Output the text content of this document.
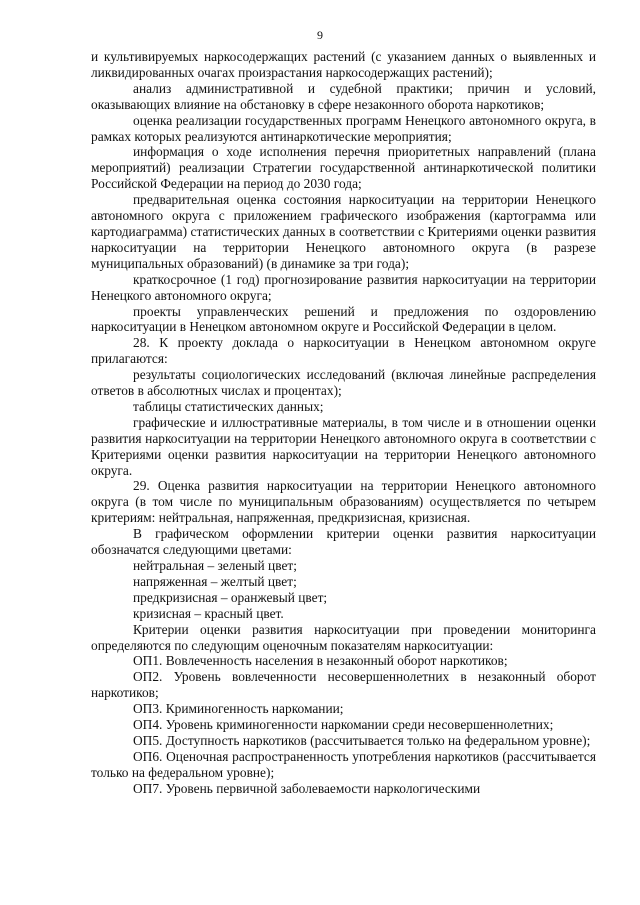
9

и культивируемых наркосодержащих растений (с указанием данных о выявленных и ликвидированных очагах произрастания наркосодержащих растений);

анализ административной и судебной практики; причин и условий, оказывающих влияние на обстановку в сфере незаконного оборота наркотиков;

оценка реализации государственных программ Ненецкого автономного округа, в рамках которых реализуются антинаркотические мероприятия;

информация о ходе исполнения перечня приоритетных направлений (плана мероприятий) реализации Стратегии государственной антинаркотической политики Российской Федерации на период до 2030 года;

предварительная оценка состояния наркоситуации на территории Ненецкого автономного округа с приложением графического изображения (картограмма или картодиаграмма) статистических данных в соответствии с Критериями оценки развития наркоситуации на территории Ненецкого автономного округа (в разрезе муниципальных образований) (в динамике за три года);

краткосрочное (1 год) прогнозирование развития наркоситуации на территории Ненецкого автономного округа;

проекты управленческих решений и предложения по оздоровлению наркоситуации в Ненецком автономном округе и Российской Федерации в целом.

28. К проекту доклада о наркоситуации в Ненецком автономном округе прилагаются:

результаты социологических исследований (включая линейные распределения ответов в абсолютных числах и процентах);

таблицы статистических данных;

графические и иллюстративные материалы, в том числе и в отношении оценки развития наркоситуации на территории Ненецкого автономного округа в соответствии с Критериями оценки развития наркоситуации на территории Ненецкого автономного округа.

29. Оценка развития наркоситуации на территории Ненецкого автономного округа (в том числе по муниципальным образованиям) осуществляется по четырем критериям: нейтральная, напряженная, предкризисная, кризисная.

В графическом оформлении критерии оценки развития наркоситуации обозначатся следующими цветами:

нейтральная – зеленый цвет;

напряженная – желтый цвет;

предкризисная – оранжевый цвет;

кризисная – красный цвет.

Критерии оценки развития наркоситуации при проведении мониторинга определяются по следующим оценочным показателям наркоситуации:

ОП1. Вовлеченность населения в незаконный оборот наркотиков;

ОП2. Уровень вовлеченности несовершеннолетних в незаконный оборот наркотиков;

ОП3. Криминогенность наркомании;

ОП4. Уровень криминогенности наркомании среди несовершеннолетних;

ОП5. Доступность наркотиков (рассчитывается только на федеральном уровне);

ОП6. Оценочная распространенность употребления наркотиков (рассчитывается только на федеральном уровне);

ОП7. Уровень первичной заболеваемости наркологическими
